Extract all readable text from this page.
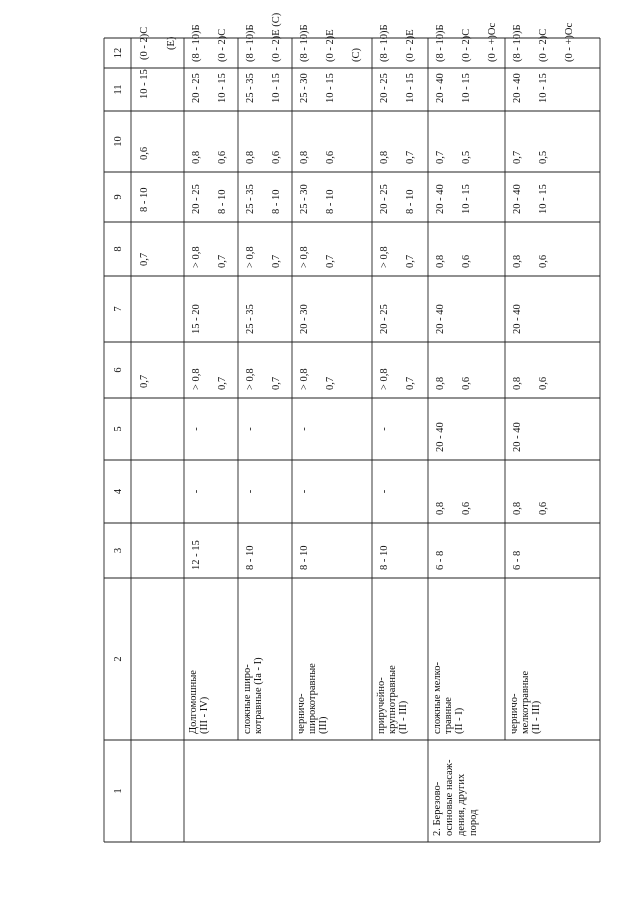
1
2
3
4
5
6
7
8
9
10
11
12
0,7
0,7
8 - 10
0,6
10 - 15
(0 - 2)С (Е)
Долгомошные (III - IV)
12 - 15
-
-
> 0,8 0,7
15 - 20
> 0,8 0,7
20 - 25 8 - 10
0,8 0,6
20 - 25 10 - 15
(8 - 10)Б (0 - 2)С
сложные широ- котравные (Iа - I)
8 - 10
-
-
> 0,8 0,7
25 - 35
> 0,8 0,7
25 - 35 8 - 10
0,8 0,6
25 - 35 10 - 15
(8 - 10)Б (0 - 2)Е (С)
черничо- широкотравные (III)
8 - 10
-
-
> 0,8 0,7
20 - 30
> 0,8 0,7
25 - 30 8 - 10
0,8 0,6
25 - 30 10 - 15
(8 - 10)Б (0 - 2)Е (С)
приручейно- крупнотравные (II - III)
8 - 10
-
-
> 0,8 0,7
20 - 25
> 0,8 0,7
20 - 25 8 - 10
0,8 0,7
20 - 25 10 - 15
(8 - 10)Б (0 - 2)Е
сложные мелко- травные (II - I)
6 - 8
0,8 0,6
20 - 40
0,8 0,6
20 - 40
0,8 0,6
20 - 40 10 - 15
0,7 0,5
20 - 40 10 - 15
(8 - 10)Б (0 - 2)С (0 - +)Ос
черничо- мелкотравные (II - III)
6 - 8
0,8 0,6
20 - 40
0,8 0,6
20 - 40
0,8 0,6
20 - 40 10 - 15
0,7 0,5
20 - 40 10 - 15
(8 - 10)Б (0 - 2)С (0 - +)Ос
2. Березово- осиновые насаж- дения, других пород
